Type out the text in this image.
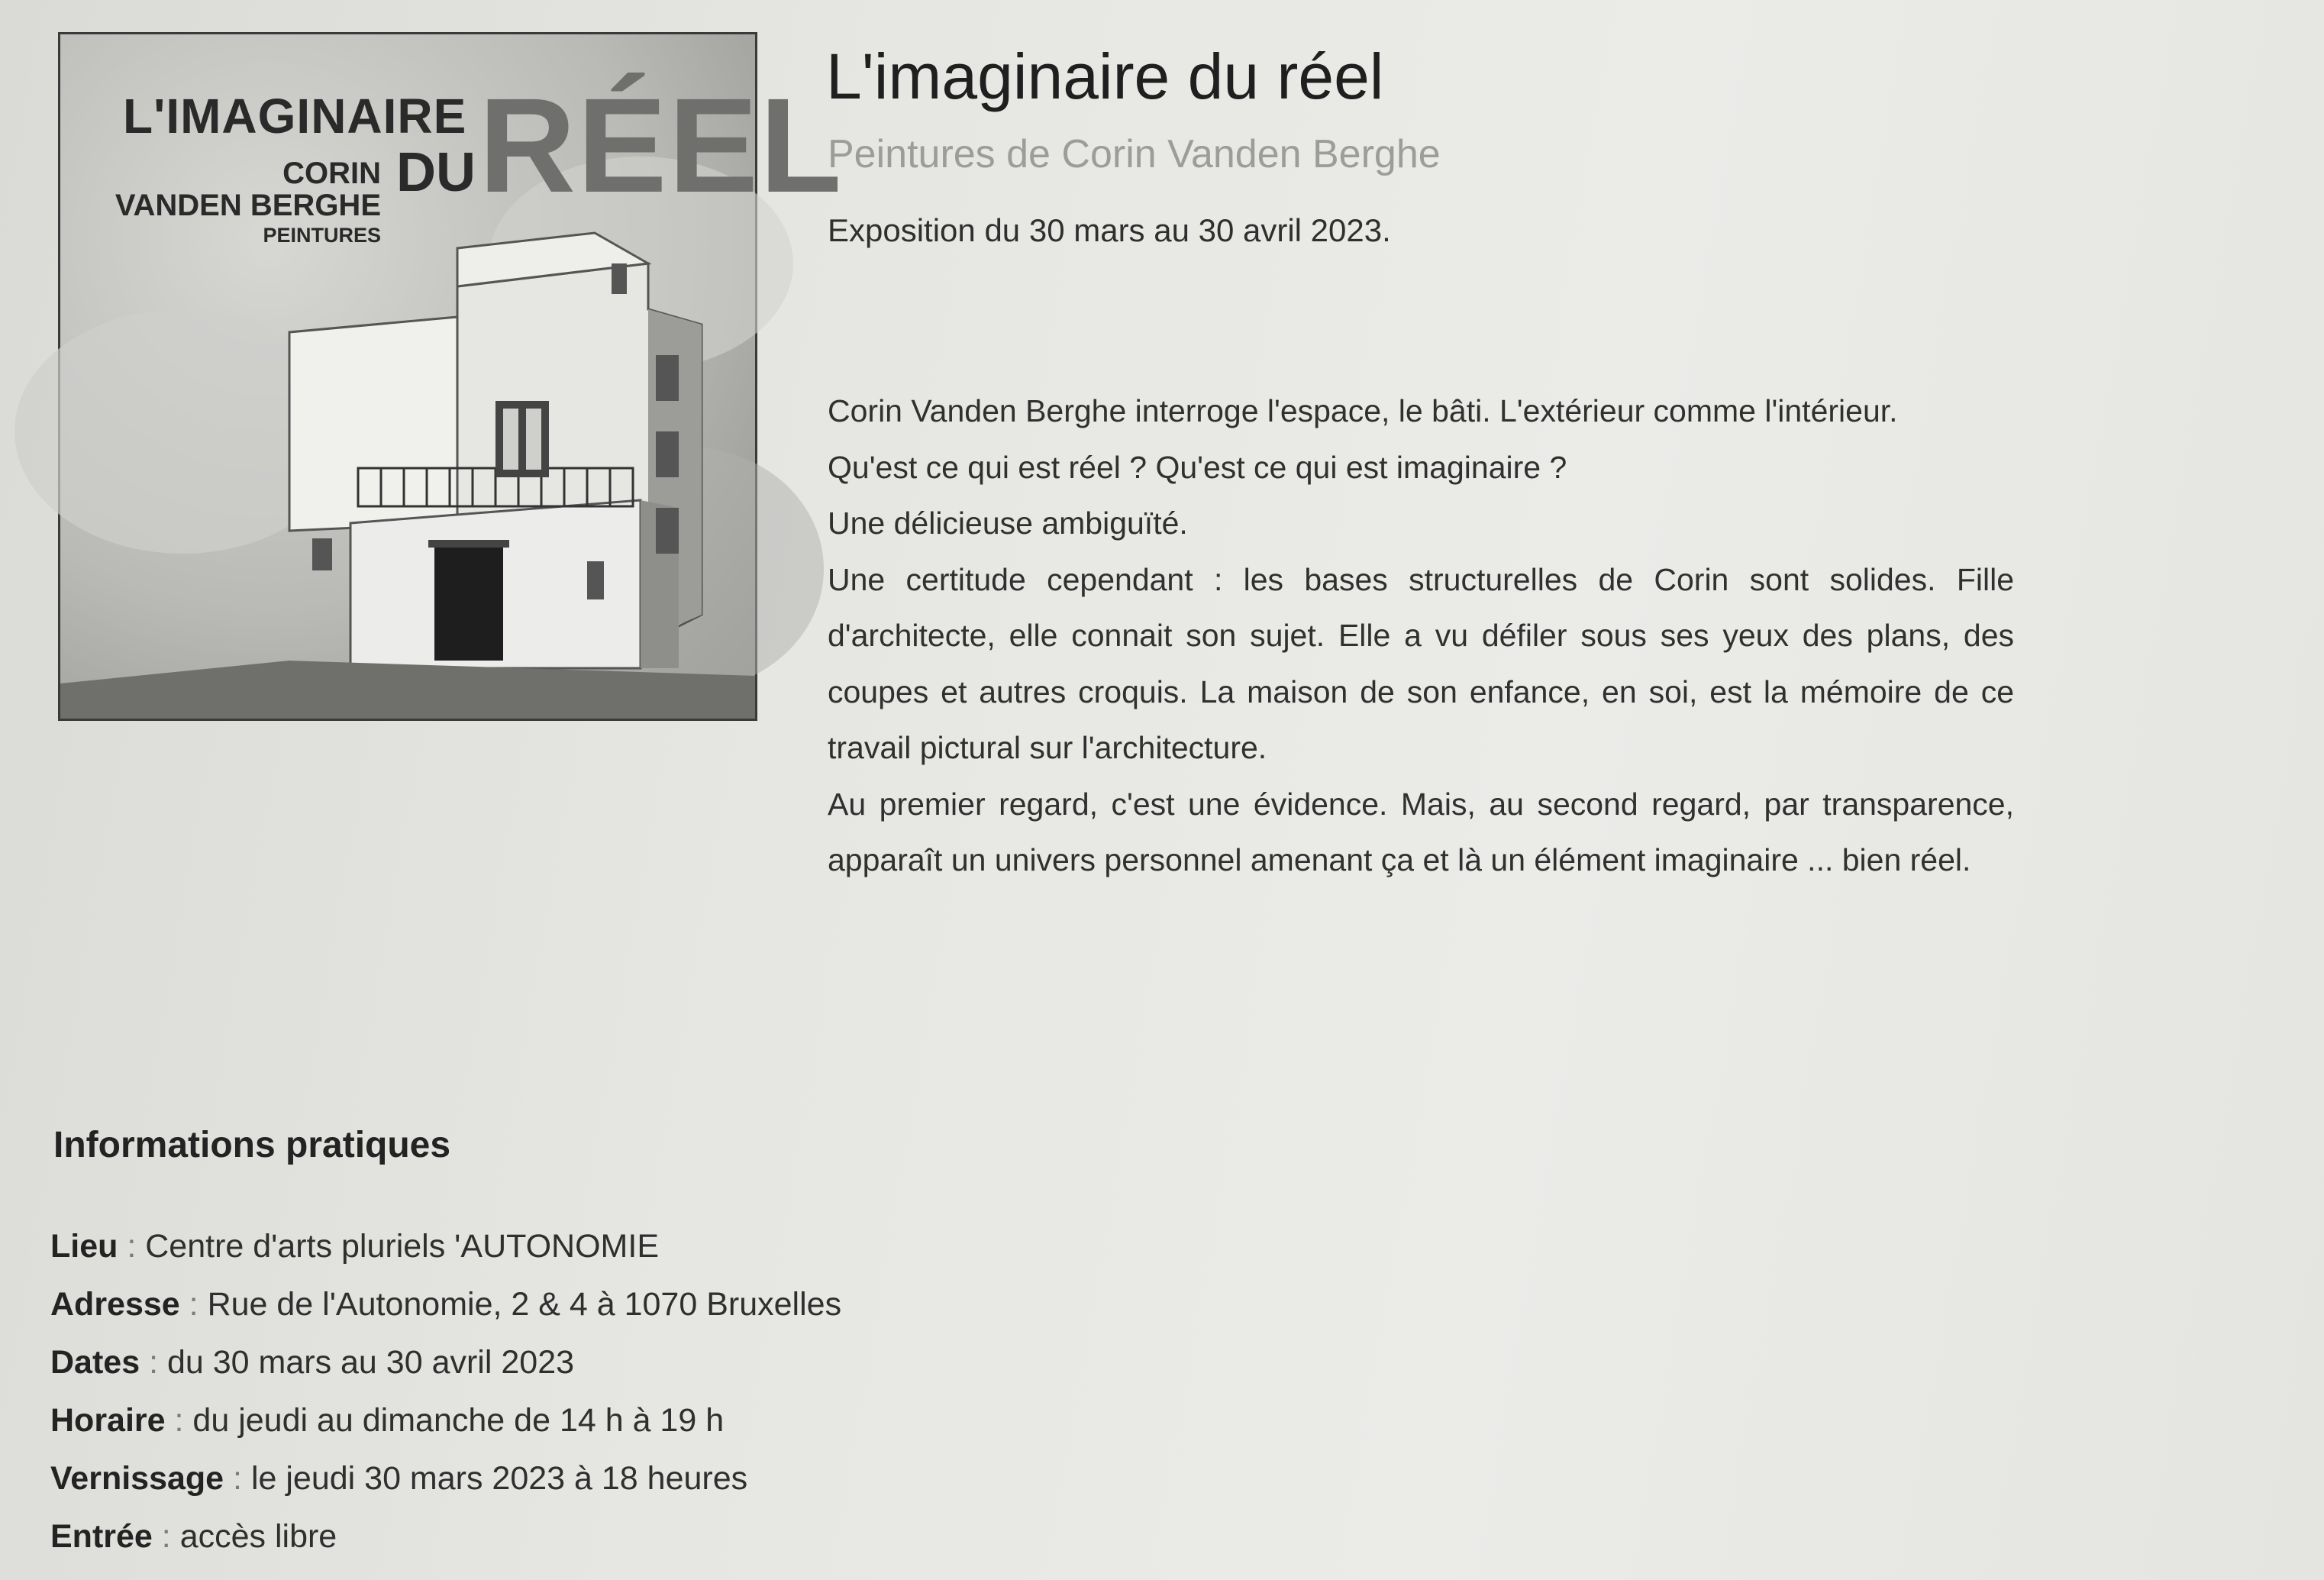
L'IMAGINAIRE
DU RÉEL
CORIN
VANDEN BERGHE
PEINTURES
L'imaginaire du réel
Peintures de Corin Vanden Berghe
Exposition du 30 mars au 30 avril 2023.

Corin Vanden Berghe interroge l'espace, le bâti. L'extérieur comme l'intérieur.

Qu'est ce qui est réel ? Qu'est ce qui est imaginaire ?

Une délicieuse ambiguïté.

Une certitude cependant : les bases structurelles de Corin sont solides. Fille d'architecte, elle connait son sujet. Elle a vu défiler sous ses yeux des plans, des coupes et autres croquis. La maison de son enfance, en soi, est la mémoire de ce travail pictural sur l'architecture.

Au premier regard, c'est une évidence. Mais, au second regard, par transparence, apparaît un univers personnel amenant ça et là un élément imaginaire ... bien réel.

Informations pratiques
Lieu : Centre d'arts pluriels 'AUTONOMIE
Adresse : Rue de l'Autonomie, 2 & 4 à 1070 Bruxelles
Dates : du 30 mars au 30 avril 2023
Horaire : du jeudi au dimanche de 14 h à 19 h
Vernissage : le jeudi 30 mars 2023 à 18 heures
Entrée : accès libre
